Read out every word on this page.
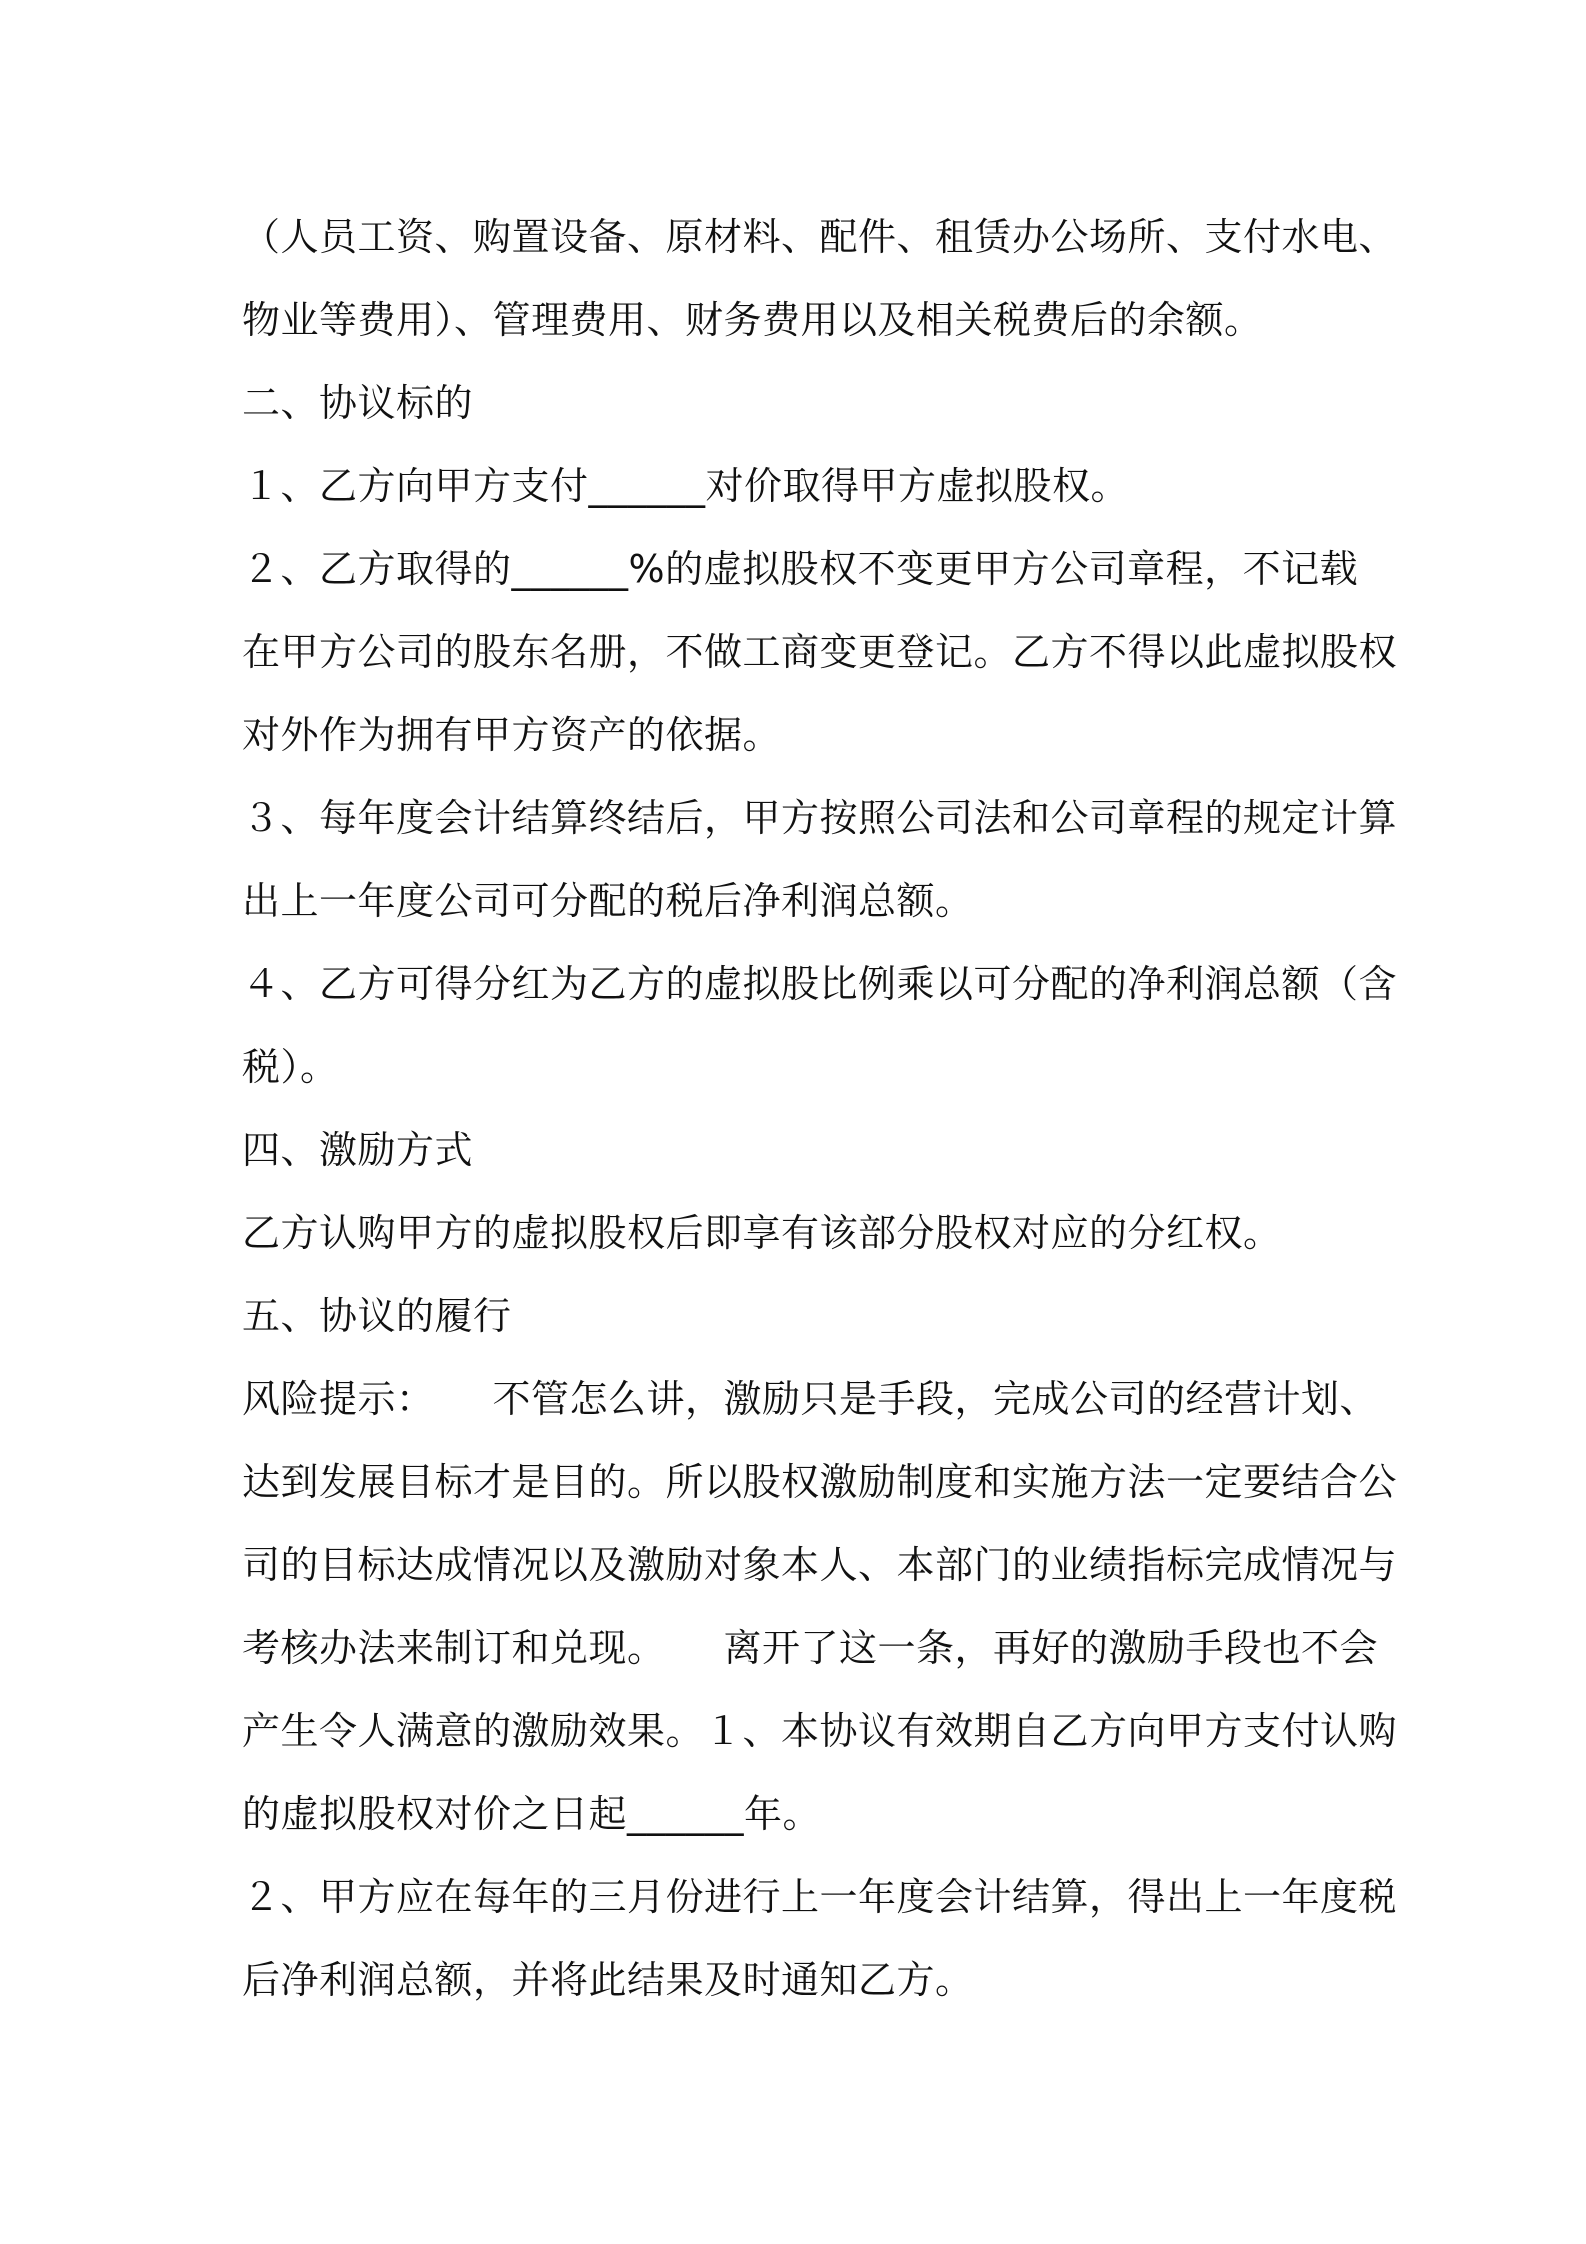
（人员工资、购置设备、原材料、配件、租赁办公场所、支付水电、
物业等费用）、管理费用、财务费用以及相关税费后的余额。
二、协议标的
１、乙方向甲方支付______对价取得甲方虚拟股权。
２、乙方取得的______%的虚拟股权不变更甲方公司章程，不记载
在甲方公司的股东名册，不做工商变更登记。乙方不得以此虚拟股权
对外作为拥有甲方资产的依据。
３、每年度会计结算终结后，甲方按照公司法和公司章程的规定计算
出上一年度公司可分配的税后净利润总额。
４、乙方可得分红为乙方的虚拟股比例乘以可分配的净利润总额（含
税）。
四、激励方式
乙方认购甲方的虚拟股权后即享有该部分股权对应的分红权。
五、协议的履行
风险提示：　　不管怎么讲，激励只是手段，完成公司的经营计划、
达到发展目标才是目的。所以股权激励制度和实施方法一定要结合公
司的目标达成情况以及激励对象本人、本部门的业绩指标完成情况与
考核办法来制订和兑现。　　离开了这一条，再好的激励手段也不会
产生令人满意的激励效果。１、本协议有效期自乙方向甲方支付认购
的虚拟股权对价之日起______年。
２、甲方应在每年的三月份进行上一年度会计结算，得出上一年度税
后净利润总额，并将此结果及时通知乙方。
